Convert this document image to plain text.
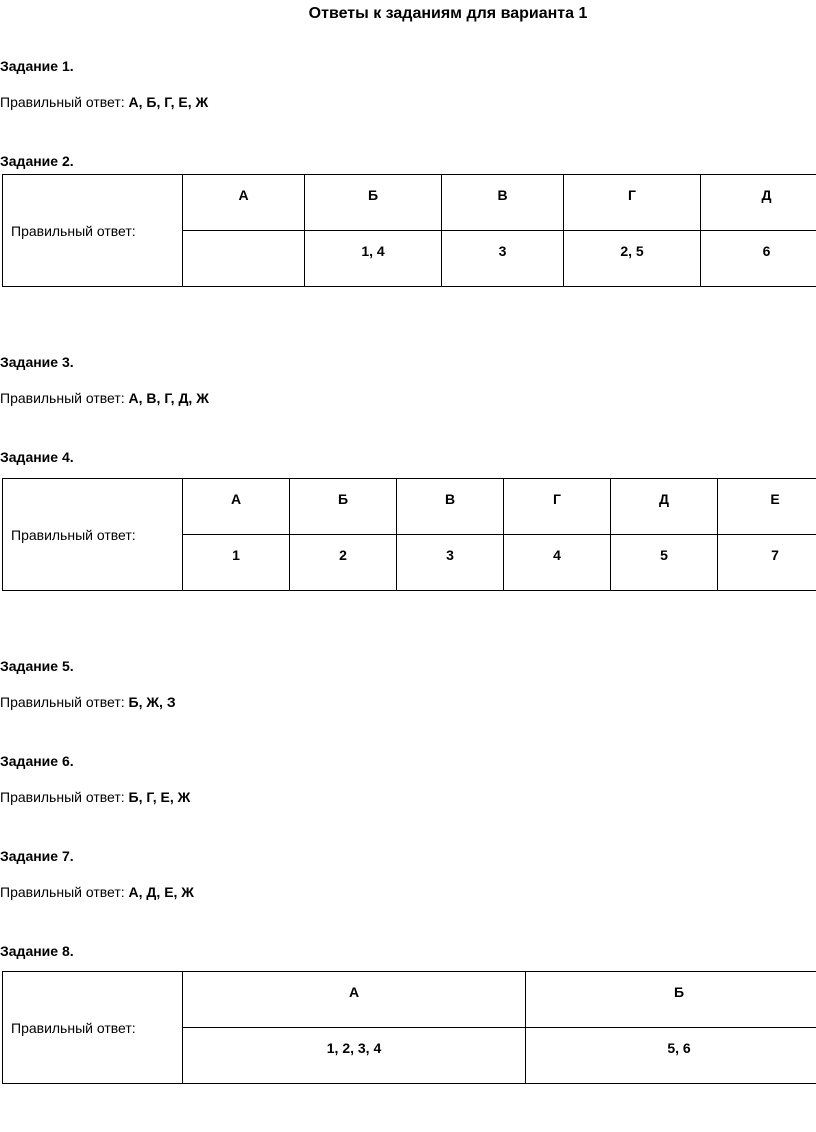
Ответы к заданиям для варианта 1
Задание 1.
Правильный ответ: А, Б, Г, Е, Ж
Задание 2.
Правильный ответ:	А	Б	В	Г	Д
		1, 4	3	2, 5	6
Задание 3.
Правильный ответ: А, В, Г, Д, Ж
Задание 4.
Правильный ответ:	А	Б	В	Г	Д	Е
	1	2	3	4	5	7
Задание 5.
Правильный ответ: Б, Ж, З
Задание 6.
Правильный ответ: Б, Г, Е, Ж
Задание 7.
Правильный ответ: А, Д, Е, Ж
Задание 8.
Правильный ответ:	А	Б
	1, 2, 3, 4	5, 6
